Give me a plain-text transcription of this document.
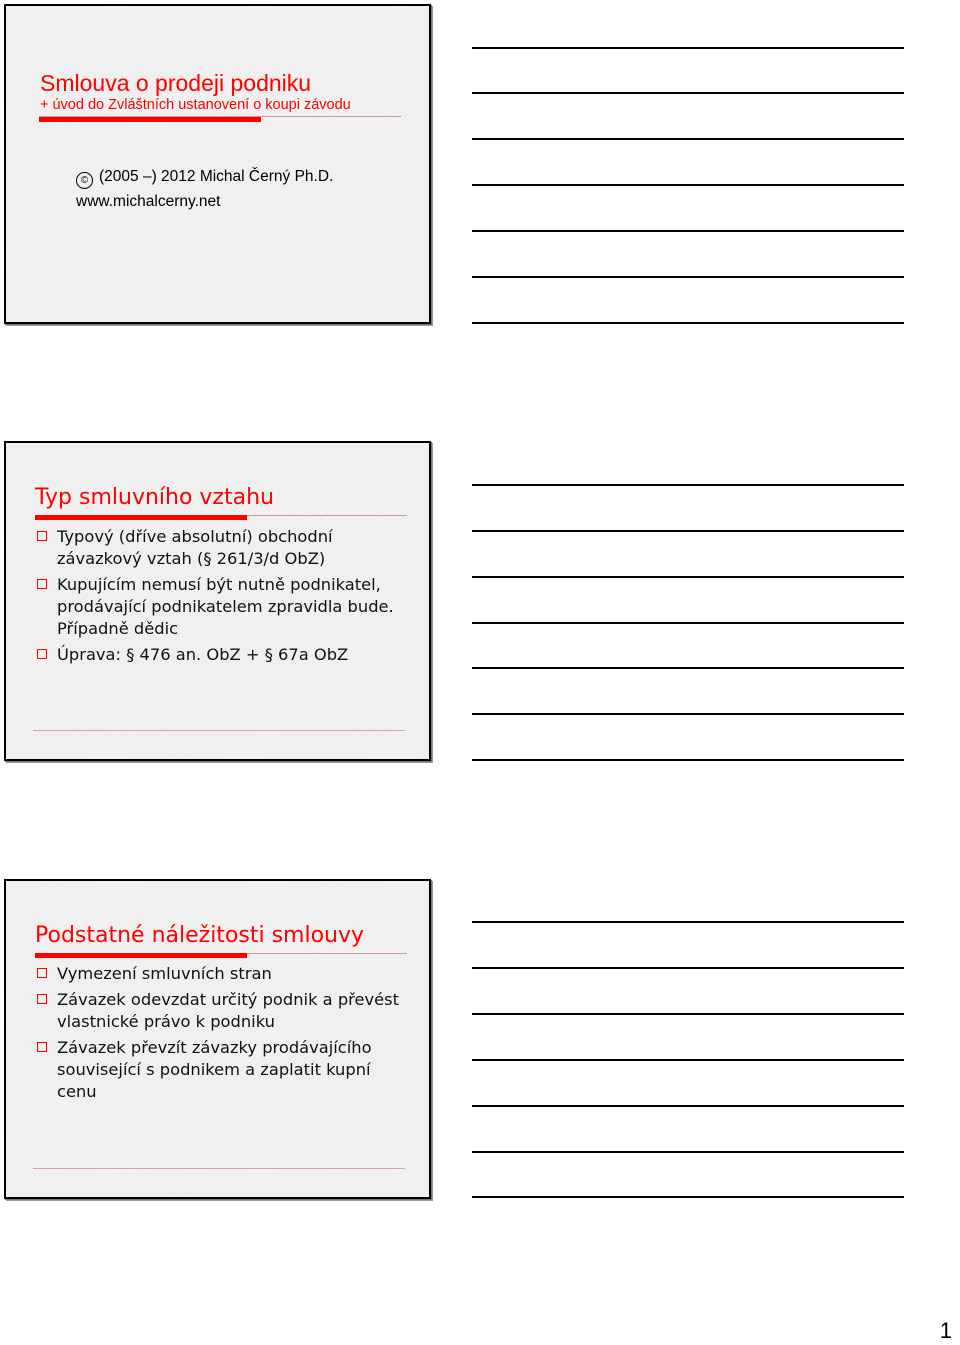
Smlouva o prodeji podniku
+ úvod do Zvláštních ustanovení o koupi závodu
© (2005 –) 2012 Michal Černý Ph.D.
www.michalcerny.net
Typ smluvního vztahu
Typový (dříve absolutní) obchodní závazkový vztah (§ 261/3/d ObZ)
Kupujícím nemusí být nutně podnikatel, prodávající podnikatelem zpravidla bude. Případně dědic
Úprava: § 476 an. ObZ + § 67a ObZ
Podstatné náležitosti smlouvy
Vymezení smluvních stran
Závazek odevzdat určitý podnik a převést vlastnické právo k podniku
Závazek převzít závazky prodávajícího související s podnikem a zaplatit kupní cenu
1
